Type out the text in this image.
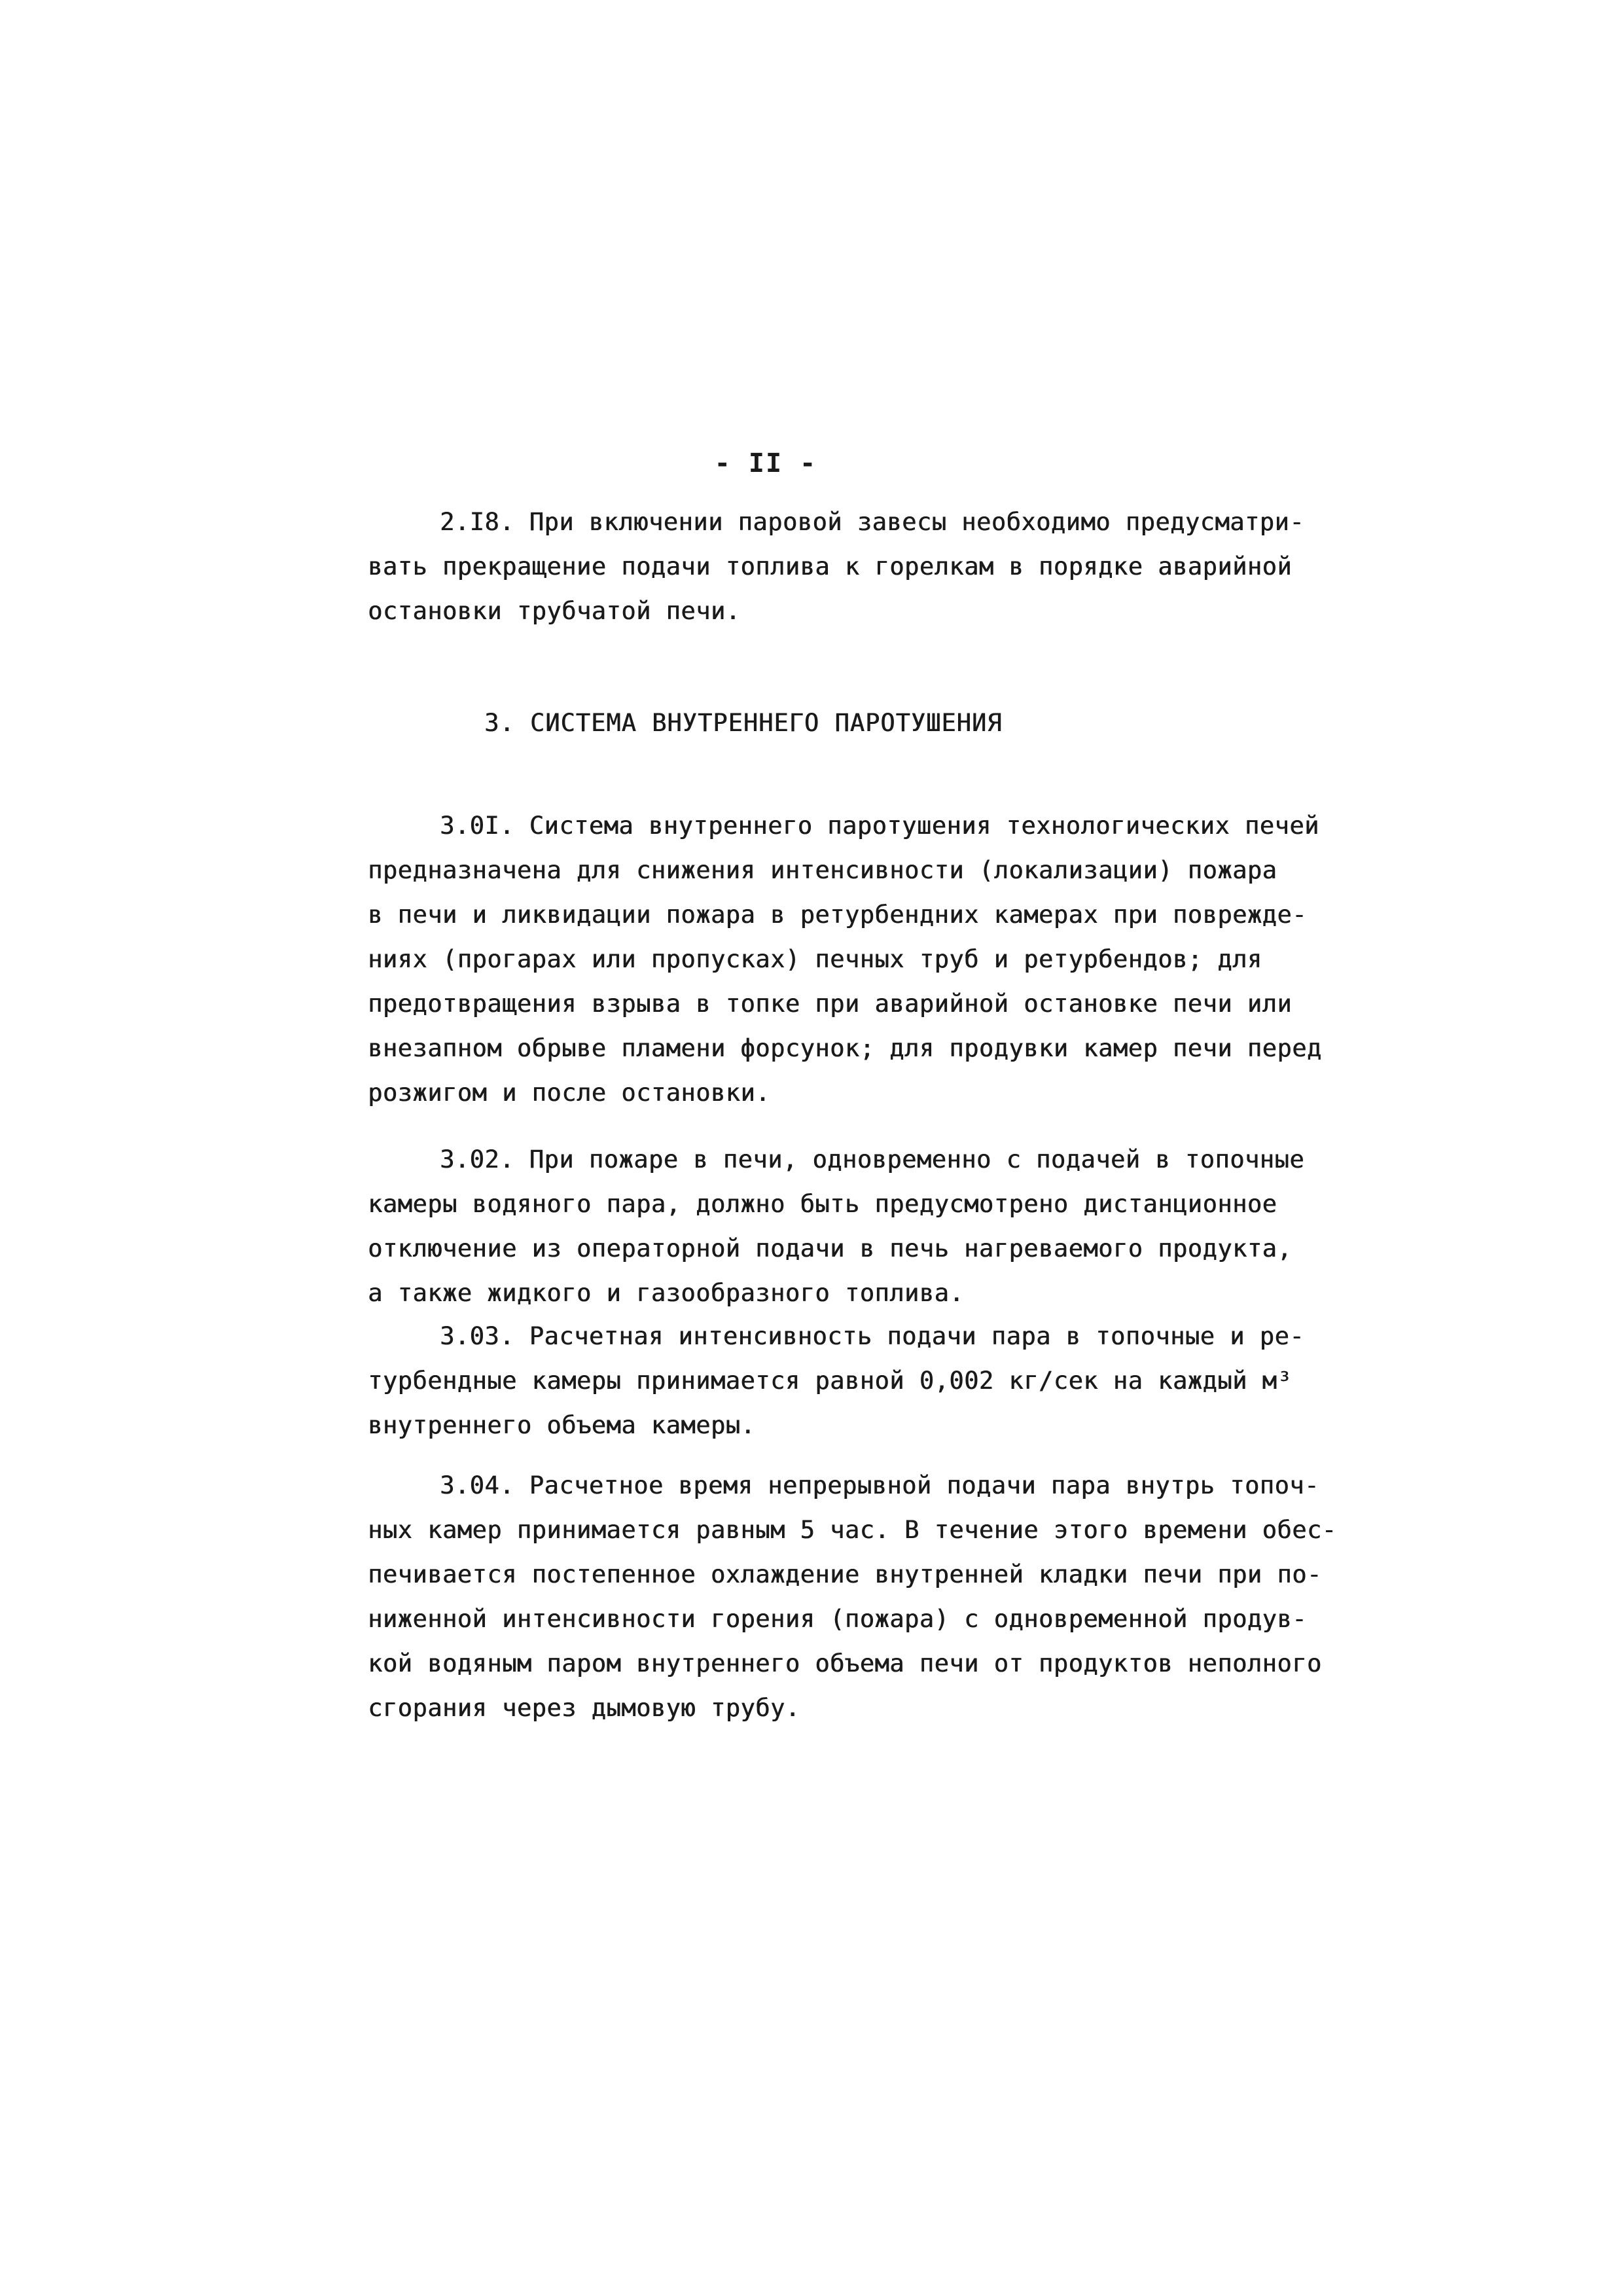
- II -
2.I8. При включении паровой завесы необходимо предусматри-
вать прекращение подачи топлива к горелкам в порядке аварийной
остановки трубчатой печи.
3. СИСТЕМА ВНУТРЕННЕГО ПАРОТУШЕНИЯ
3.0I. Система внутреннего паротушения технологических печей
предназначена для снижения интенсивности (локализации) пожара
в печи и ликвидации пожара в ретурбендних камерах при повреждe-
ниях (прогарах или пропусках) печных труб и ретурбендов; для
предотвращения взрыва в топке при аварийной остановке печи или
внезапном обрыве пламени форсунок; для продувки камер печи перед
розжигом и после остановки.
3.02. При пожаре в печи, одновременно с подачей в топочные
камеры водяного пара, должно быть предусмотрено дистанционное
отключение из операторной подачи в печь нагреваемого продукта,
а также жидкого и газообразного топлива.
3.03. Расчетная интенсивность подачи пара в топочные и ре-
турбендные камеры принимается равной 0,002 кг/сек на каждый м³
внутреннего объема камеры.
3.04. Расчетное время непрерывной подачи пара внутрь топоч-
ных камер принимается равным 5 час. В течение этого времени обес-
печивается постепенное охлаждение внутренней кладки печи при по-
ниженной интенсивности горения (пожара) с одновременной продув-
кой водяным паром внутреннего объема печи от продуктов неполного
сгорания через дымовую трубу.
